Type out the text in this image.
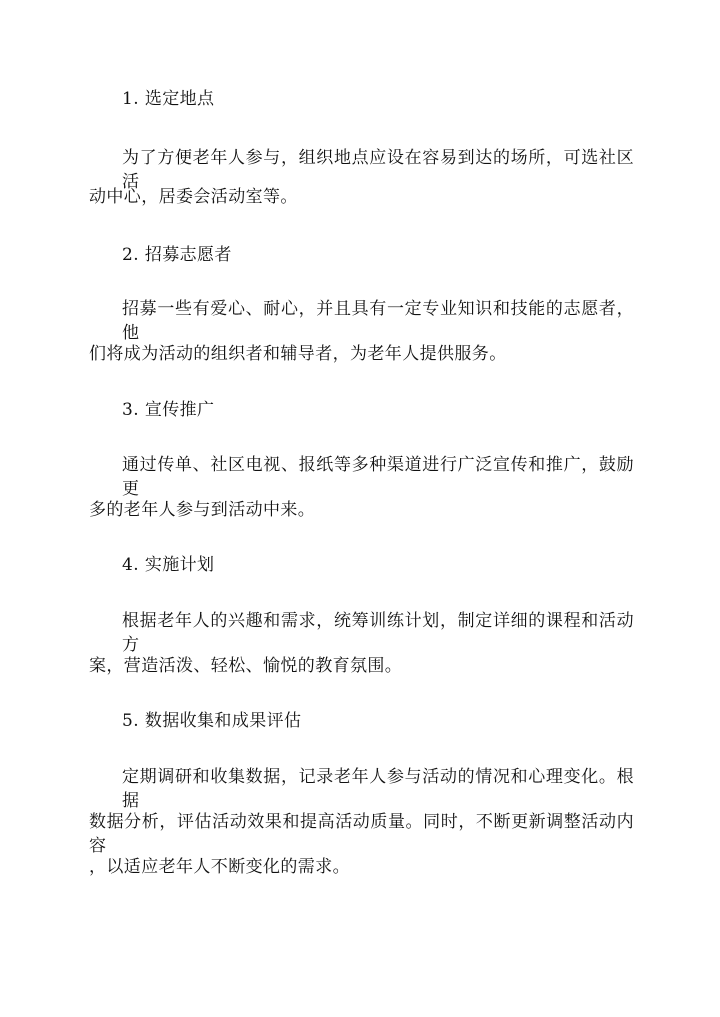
1. 选定地点
为了方便老年人参与，组织地点应设在容易到达的场所，可选社区活
动中心，居委会活动室等。
2. 招募志愿者
招募一些有爱心、耐心，并且具有一定专业知识和技能的志愿者，他
们将成为活动的组织者和辅导者，为老年人提供服务。
3. 宣传推广
通过传单、社区电视、报纸等多种渠道进行广泛宣传和推广，鼓励更
多的老年人参与到活动中来。
4. 实施计划
根据老年人的兴趣和需求，统筹训练计划，制定详细的课程和活动方
案，营造活泼、轻松、愉悦的教育氛围。
5. 数据收集和成果评估
定期调研和收集数据，记录老年人参与活动的情况和心理变化。根据
数据分析，评估活动效果和提高活动质量。同时，不断更新调整活动内容
，以适应老年人不断变化的需求。
